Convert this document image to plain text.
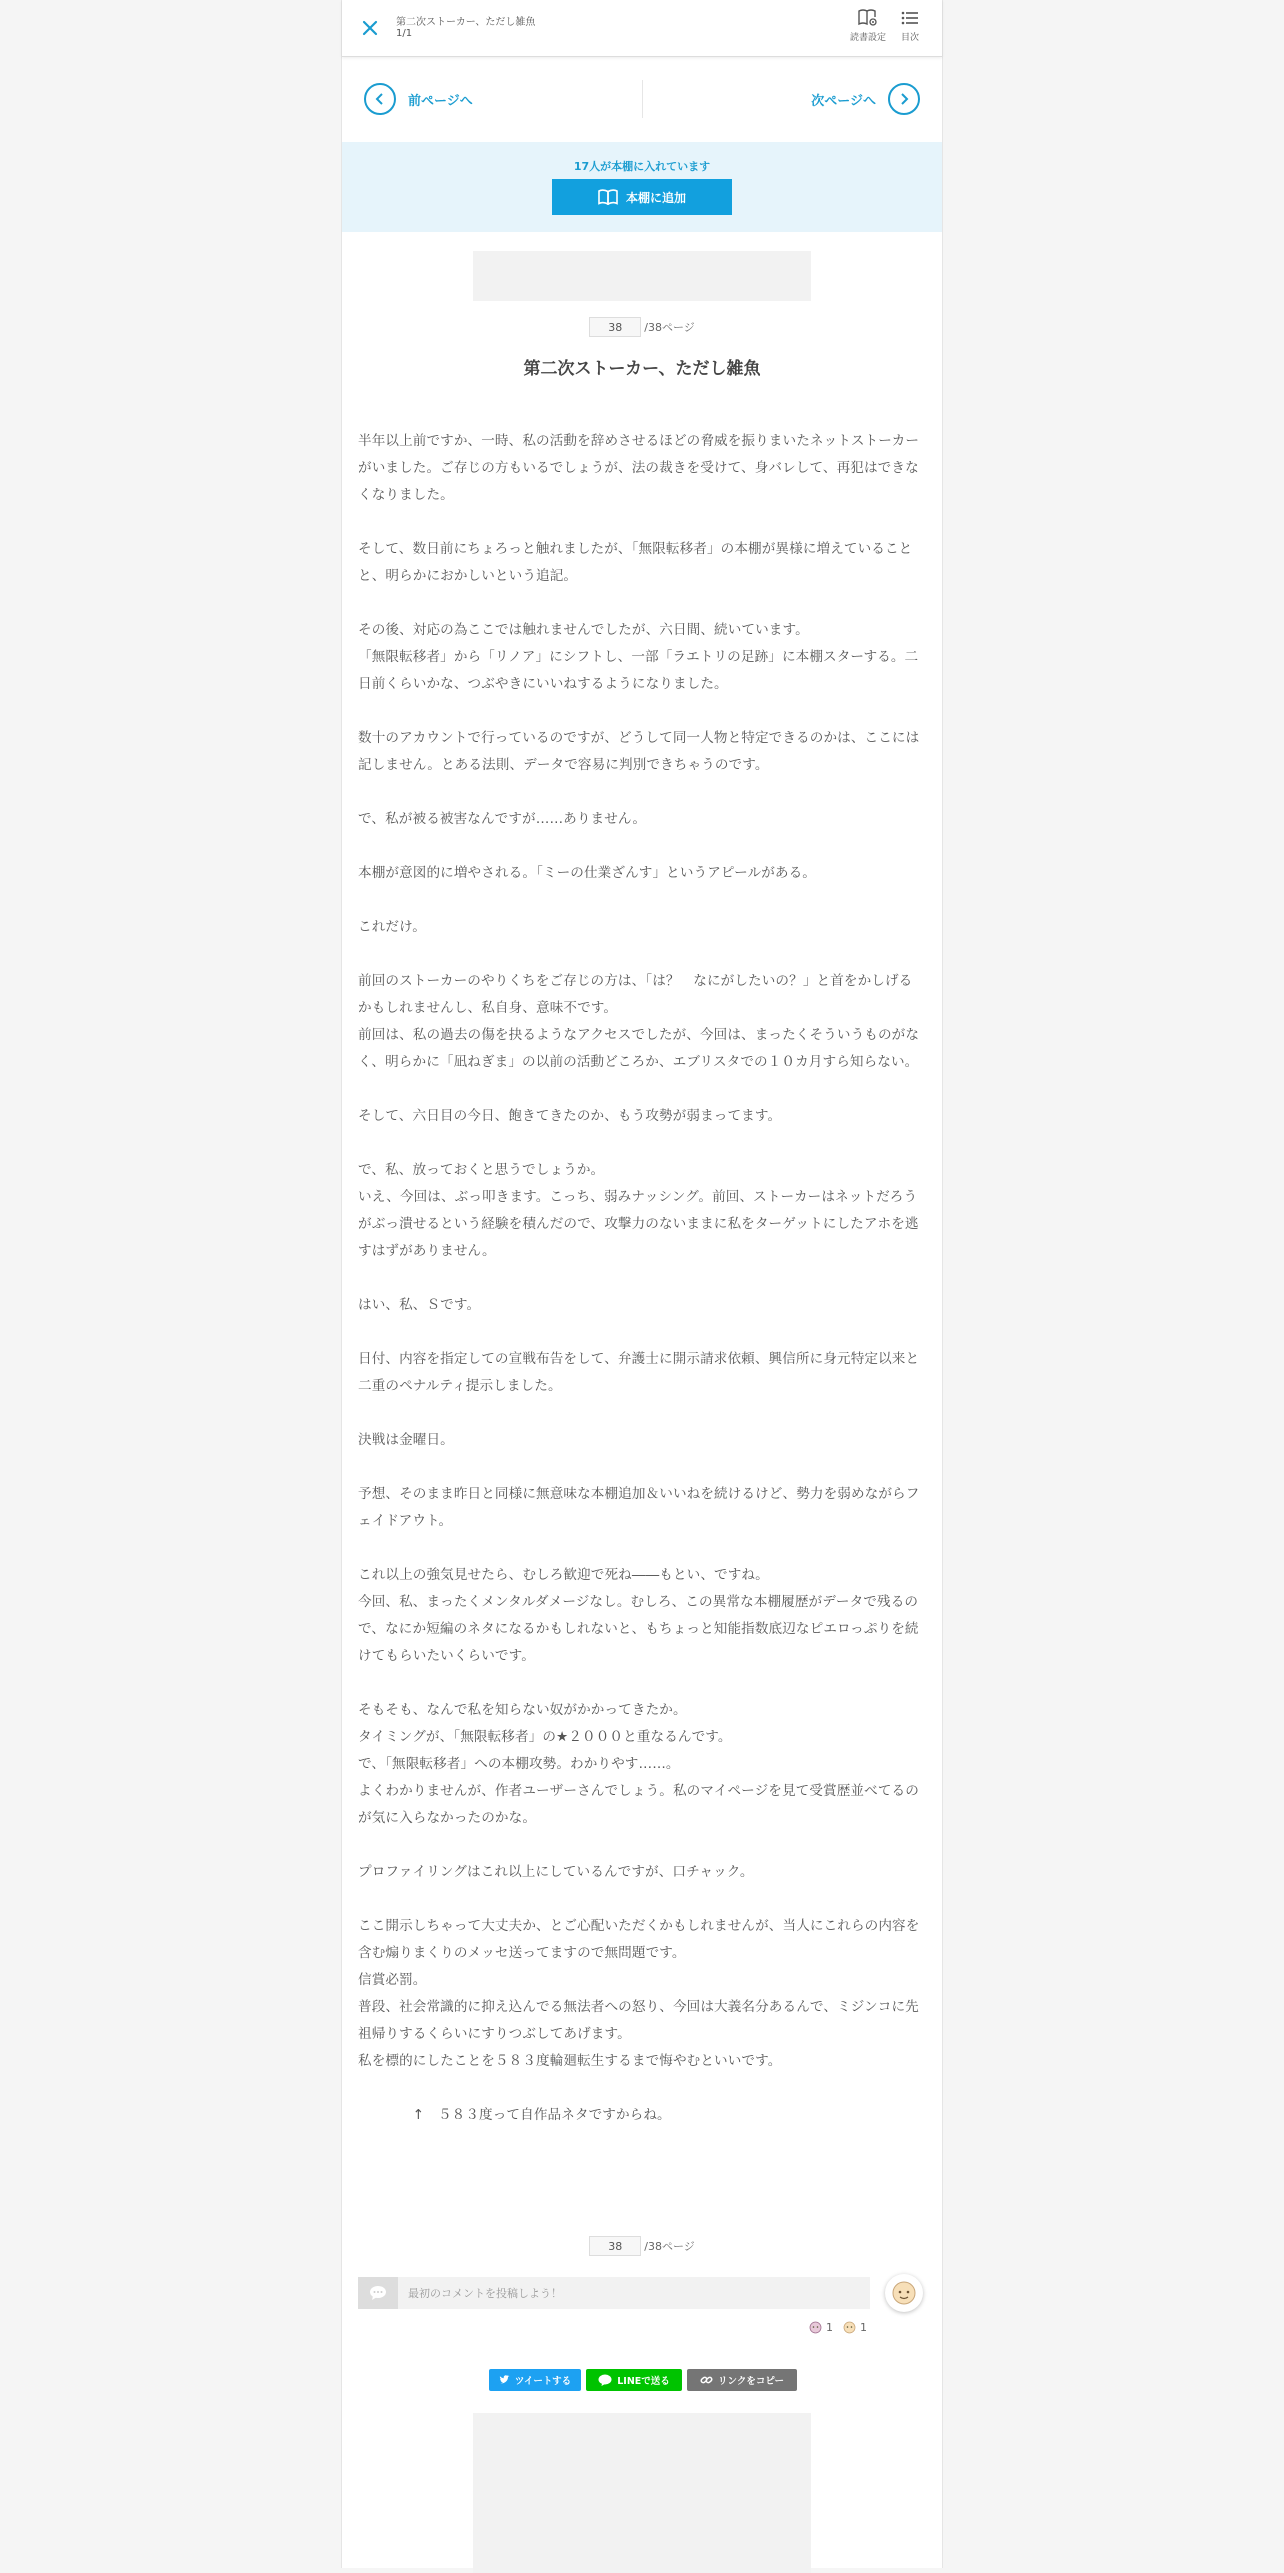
第二次ストーカー、ただし雑魚
1/1	読書設定 目次
前ページへ	次ページへ
17人が本棚に入れています
本棚に追加
38	/38ページ
第二次ストーカー、ただし雑魚

半年以上前ですか、一時、私の活動を辞めさせるほどの脅威を振りまいたネットストーカーがいました。ご存じの方もいるでしょうが、法の裁きを受けて、身バレして、再犯はできなくなりました。

そして、数日前にちょろっと触れましたが、「無限転移者」の本棚が異様に増えていることと、明らかにおかしいという追記。

その後、対応の為ここでは触れませんでしたが、六日間、続いています。

「無限転移者」から「リノア」にシフトし、一部「ラエトリの足跡」に本棚スターする。二日前くらいかな、つぶやきにいいねするようになりました。

数十のアカウントで行っているのですが、どうして同一人物と特定できるのかは、ここには記しません。とある法則、データで容易に判別できちゃうのです。

で、私が被る被害なんですが……ありません。

本棚が意図的に増やされる。「ミーの仕業ざんす」というアピールがある。

これだけ。

前回のストーカーのやりくちをご存じの方は、「は？　なにがしたいの？」と首をかしげるかもしれませんし、私自身、意味不です。

前回は、私の過去の傷を抉るようなアクセスでしたが、今回は、まったくそういうものがなく、明らかに「凪ねぎま」の以前の活動どころか、エブリスタでの１０カ月すら知らない。

そして、六日目の今日、飽きてきたのか、もう攻勢が弱まってます。

で、私、放っておくと思うでしょうか。

いえ、今回は、ぶっ叩きます。こっち、弱みナッシング。前回、ストーカーはネットだろうがぶっ潰せるという経験を積んだので、攻撃力のないままに私をターゲットにしたアホを逃すはずがありません。

はい、私、Ｓです。

日付、内容を指定しての宣戦布告をして、弁護士に開示請求依頼、興信所に身元特定以来と二重のペナルティ提示しました。

決戦は金曜日。

予想、そのまま昨日と同様に無意味な本棚追加＆いいねを続けるけど、勢力を弱めながらフェイドアウト。

これ以上の強気見せたら、むしろ歓迎で死ね――もとい、ですね。

今回、私、まったくメンタルダメージなし。むしろ、この異常な本棚履歴がデータで残るので、なにか短編のネタになるかもしれないと、もちょっと知能指数底辺なピエロっぷりを続けてもらいたいくらいです。

そもそも、なんで私を知らない奴がかかってきたか。

タイミングが、「無限転移者」の★２０００と重なるんです。

で、「無限転移者」への本棚攻勢。わかりやす……。

よくわかりませんが、作者ユーザーさんでしょう。私のマイページを見て受賞歴並べてるのが気に入らなかったのかな。

プロファイリングはこれ以上にしているんですが、口チャック。

ここ開示しちゃって大丈夫か、とご心配いただくかもしれませんが、当人にこれらの内容を含む煽りまくりのメッセ送ってますので無問題です。

信賞必罰。

普段、社会常識的に抑え込んでる無法者への怒り、今回は大義名分あるんで、ミジンコに先祖帰りするくらいにすりつぶしてあげます。

私を標的にしたことを５８３度輪廻転生するまで悔やむといいです。

　　　　↑　５８３度って自作品ネタですからね。

38	/38ページ
最初のコメントを投稿しよう！
1 1
ツイートする	LINEで送る	リンクをコピー
